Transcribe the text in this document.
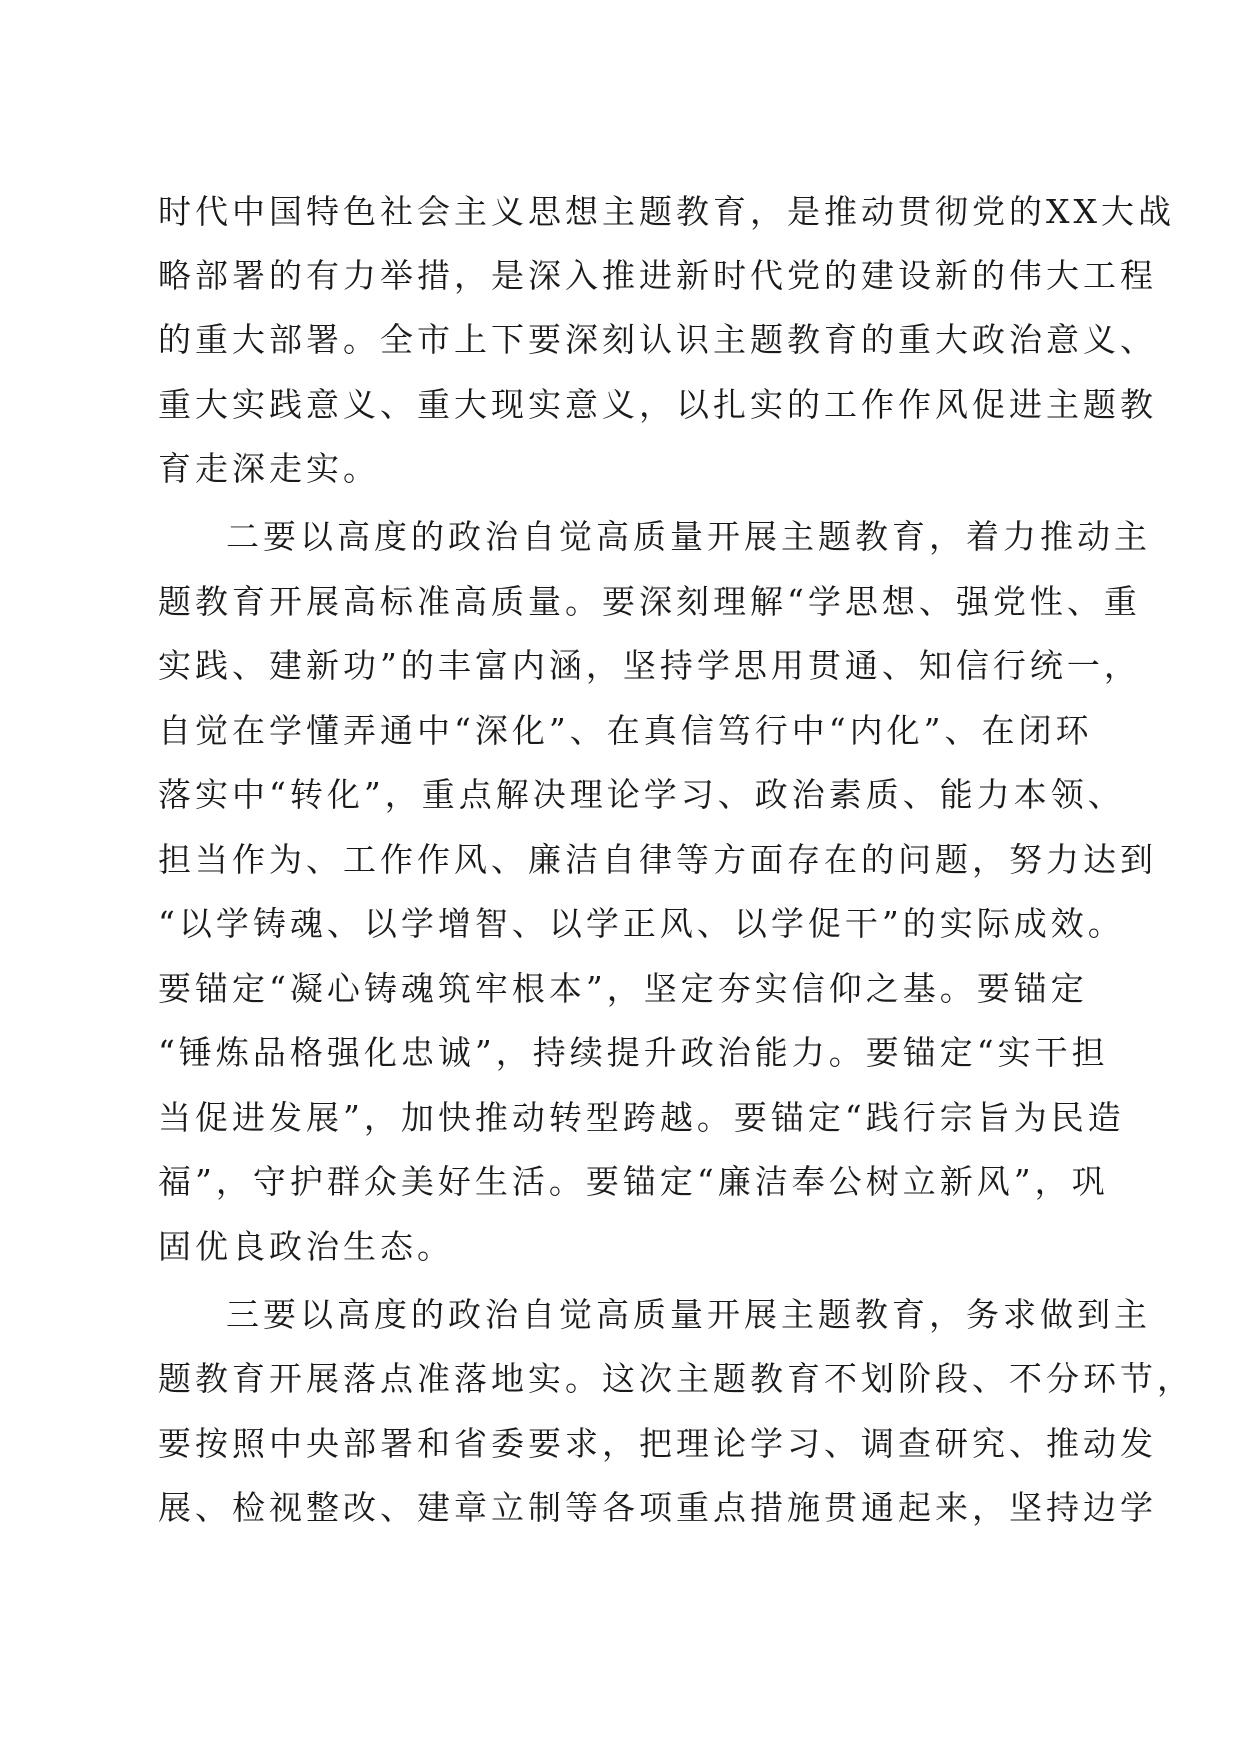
时代中国特色社会主义思想主题教育，是推动贯彻党的XX大战
略部署的有力举措，是深入推进新时代党的建设新的伟大工程
的重大部署。全市上下要深刻认识主题教育的重大政治意义、
重大实践意义、重大现实意义，以扎实的工作作风促进主题教
育走深走实。
二要以高度的政治自觉高质量开展主题教育，着力推动主
题教育开展高标准高质量。要深刻理解“学思想、强党性、重
实践、建新功”的丰富内涵，坚持学思用贯通、知信行统一，
自觉在学懂弄通中“深化”、在真信笃行中“内化”、在闭环
落实中“转化”，重点解决理论学习、政治素质、能力本领、
担当作为、工作作风、廉洁自律等方面存在的问题，努力达到
“以学铸魂、以学增智、以学正风、以学促干”的实际成效。
要锚定“凝心铸魂筑牢根本”，坚定夯实信仰之基。要锚定
“锤炼品格强化忠诚”，持续提升政治能力。要锚定“实干担
当促进发展”，加快推动转型跨越。要锚定“践行宗旨为民造
福”，守护群众美好生活。要锚定“廉洁奉公树立新风”，巩
固优良政治生态。
三要以高度的政治自觉高质量开展主题教育，务求做到主
题教育开展落点准落地实。这次主题教育不划阶段、不分环节，
要按照中央部署和省委要求，把理论学习、调查研究、推动发
展、检视整改、建章立制等各项重点措施贯通起来，坚持边学
